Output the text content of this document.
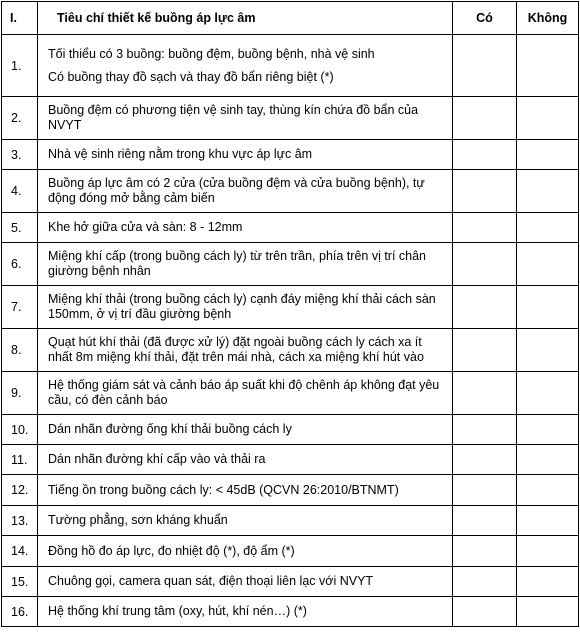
I.	Tiêu chí thiết kế buồng áp lực âm	Có	Không
1.	Tối thiểu có 3 buồng: buồng đệm, buồng bệnh, nhà vệ sinh
Có buồng thay đồ sạch và thay đồ bẩn riêng biệt (*)		

2.	Buồng đệm có phương tiện vệ sinh tay, thùng kín chứa đồ bẩn của NVYT		

3.	Nhà vệ sinh riêng nằm trong khu vực áp lực âm		

4.	Buồng áp lực âm có 2 cửa (cửa buồng đệm và cửa buồng bệnh), tự động đóng mở bằng cảm biến		

5.	Khe hở giữa cửa và sàn: 8 - 12mm		

6.	Miệng khí cấp (trong buồng cách ly) từ trên trần, phía trên vị trí chân giường bệnh nhân		

7.	Miệng khí thải (trong buồng cách ly) cạnh đáy miệng khí thải cách sàn 150mm, ở vị trí đầu giường bệnh		

8.	Quạt hút khí thải (đã được xử lý) đặt ngoài buồng cách ly cách xa ít nhất 8m miệng khí thải, đặt trên mái nhà, cách xa miệng khí hút vào		

9.	Hệ thống giám sát và cảnh báo áp suất khi độ chênh áp không đạt yêu cầu, có đèn cảnh báo		

10.	Dán nhãn đường ống khí thải buồng cách ly		

11.	Dán nhãn đường khí cấp vào và thải ra		

12.	Tiếng ồn trong buồng cách ly: < 45dB (QCVN 26:2010/BTNMT)		

13.	Tường phẳng, sơn kháng khuẩn		

14.	Đồng hồ đo áp lực, đo nhiệt độ (*), độ ẩm (*)		

15.	Chuông gọi, camera quan sát, điện thoại liên lạc với NVYT		

16.	Hệ thống khí trung tâm (oxy, hút, khí nén…) (*)		
